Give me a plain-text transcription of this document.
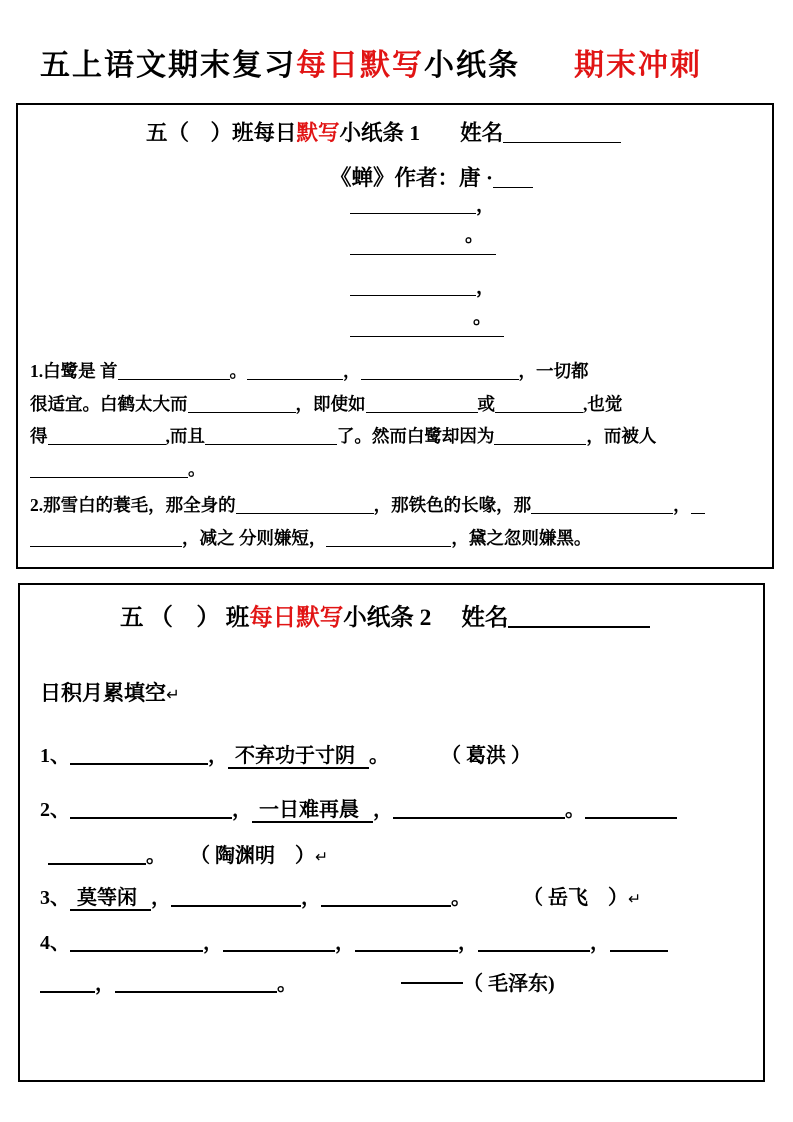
五上语文期末复习每日默写小纸条 期末冲刺
五（　）班每日默写小纸条 1 姓名
《蝉》作者：唐 ·
，
。
，
。
1.白鹭是 首	。	，	，一切都
很适宜。白鹤太大而	，即使如	或	,也觉
得	,而且	了。然而白鹭却因为	，而被人
。
2.那雪白的蓑毛，那全身的	，那铁色的长喙，那	，
，减之 分则嫌短，	，黛之忽则嫌黑。
五 （　） 班每日默写小纸条 2 姓名
日积月累填空↵
1、	， 不弃功于寸阴 。	（ 葛洪 ）
2、	， 一日难再晨 ，	。
。 （ 陶渊明　）↵
3、 莫等闲 ，	，	。	（ 岳飞　）↵
4、	，	，	，	，
，	。	（ 毛泽东)
